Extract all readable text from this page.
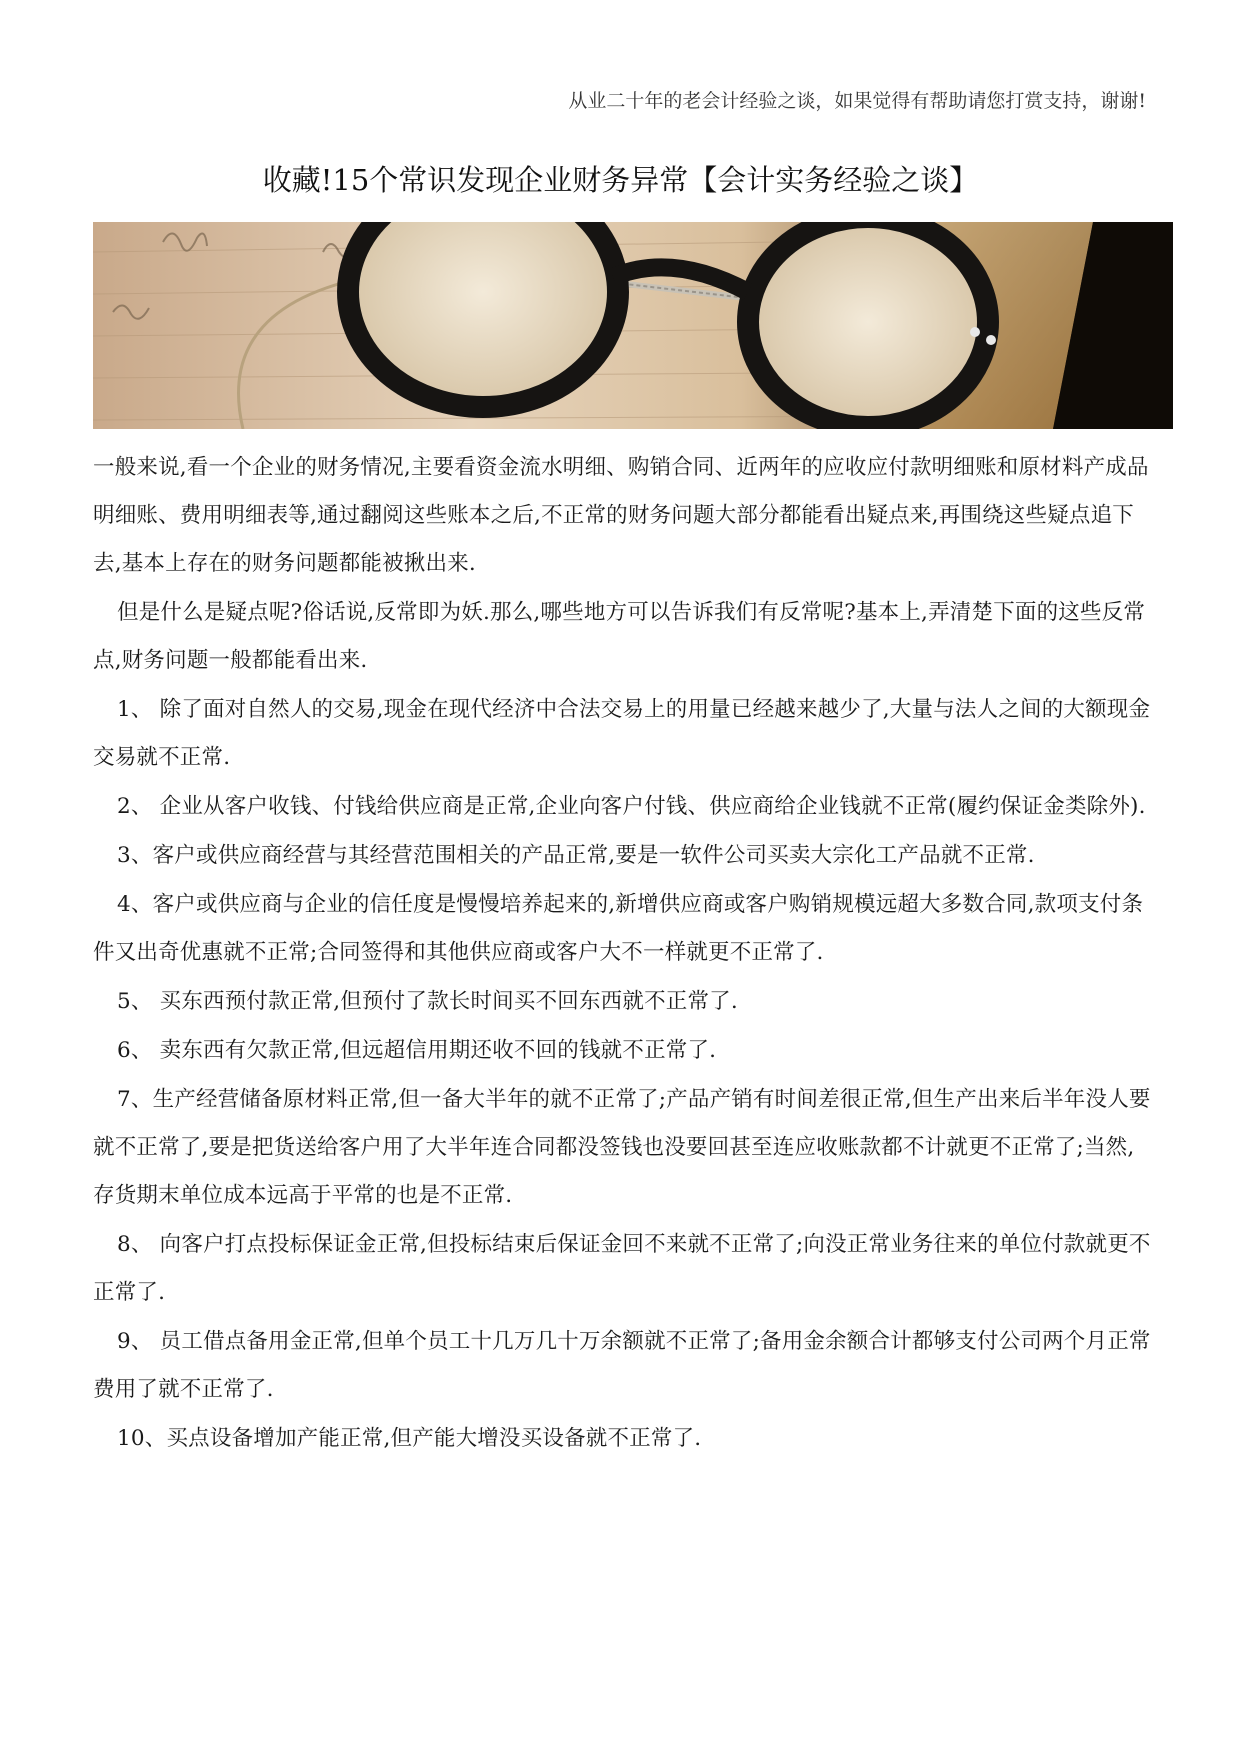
从业二十年的老会计经验之谈，如果觉得有帮助请您打赏支持，谢谢!
收藏!15个常识发现企业财务异常【会计实务经验之谈】

一般来说,看一个企业的财务情况,主要看资金流水明细、购销合同、近两年的应收应付款明细账和原材料产成品明细账、费用明细表等,通过翻阅这些账本之后,不正常的财务问题大部分都能看出疑点来,再围绕这些疑点追下去,基本上存在的财务问题都能被揪出来.

但是什么是疑点呢?俗话说,反常即为妖.那么,哪些地方可以告诉我们有反常呢?基本上,弄清楚下面的这些反常点,财务问题一般都能看出来.

1、 除了面对自然人的交易,现金在现代经济中合法交易上的用量已经越来越少了,大量与法人之间的大额现金交易就不正常.

2、 企业从客户收钱、付钱给供应商是正常,企业向客户付钱、供应商给企业钱就不正常(履约保证金类除外).

3、客户或供应商经营与其经营范围相关的产品正常,要是一软件公司买卖大宗化工产品就不正常.

4、客户或供应商与企业的信任度是慢慢培养起来的,新增供应商或客户购销规模远超大多数合同,款项支付条件又出奇优惠就不正常;合同签得和其他供应商或客户大不一样就更不正常了.

5、 买东西预付款正常,但预付了款长时间买不回东西就不正常了.

6、 卖东西有欠款正常,但远超信用期还收不回的钱就不正常了.

7、生产经营储备原材料正常,但一备大半年的就不正常了;产品产销有时间差很正常,但生产出来后半年没人要就不正常了,要是把货送给客户用了大半年连合同都没签钱也没要回甚至连应收账款都不计就更不正常了;当然,存货期末单位成本远高于平常的也是不正常.

8、 向客户打点投标保证金正常,但投标结束后保证金回不来就不正常了;向没正常业务往来的单位付款就更不正常了.

9、 员工借点备用金正常,但单个员工十几万几十万余额就不正常了;备用金余额合计都够支付公司两个月正常费用了就不正常了.

10、买点设备增加产能正常,但产能大增没买设备就不正常了.
